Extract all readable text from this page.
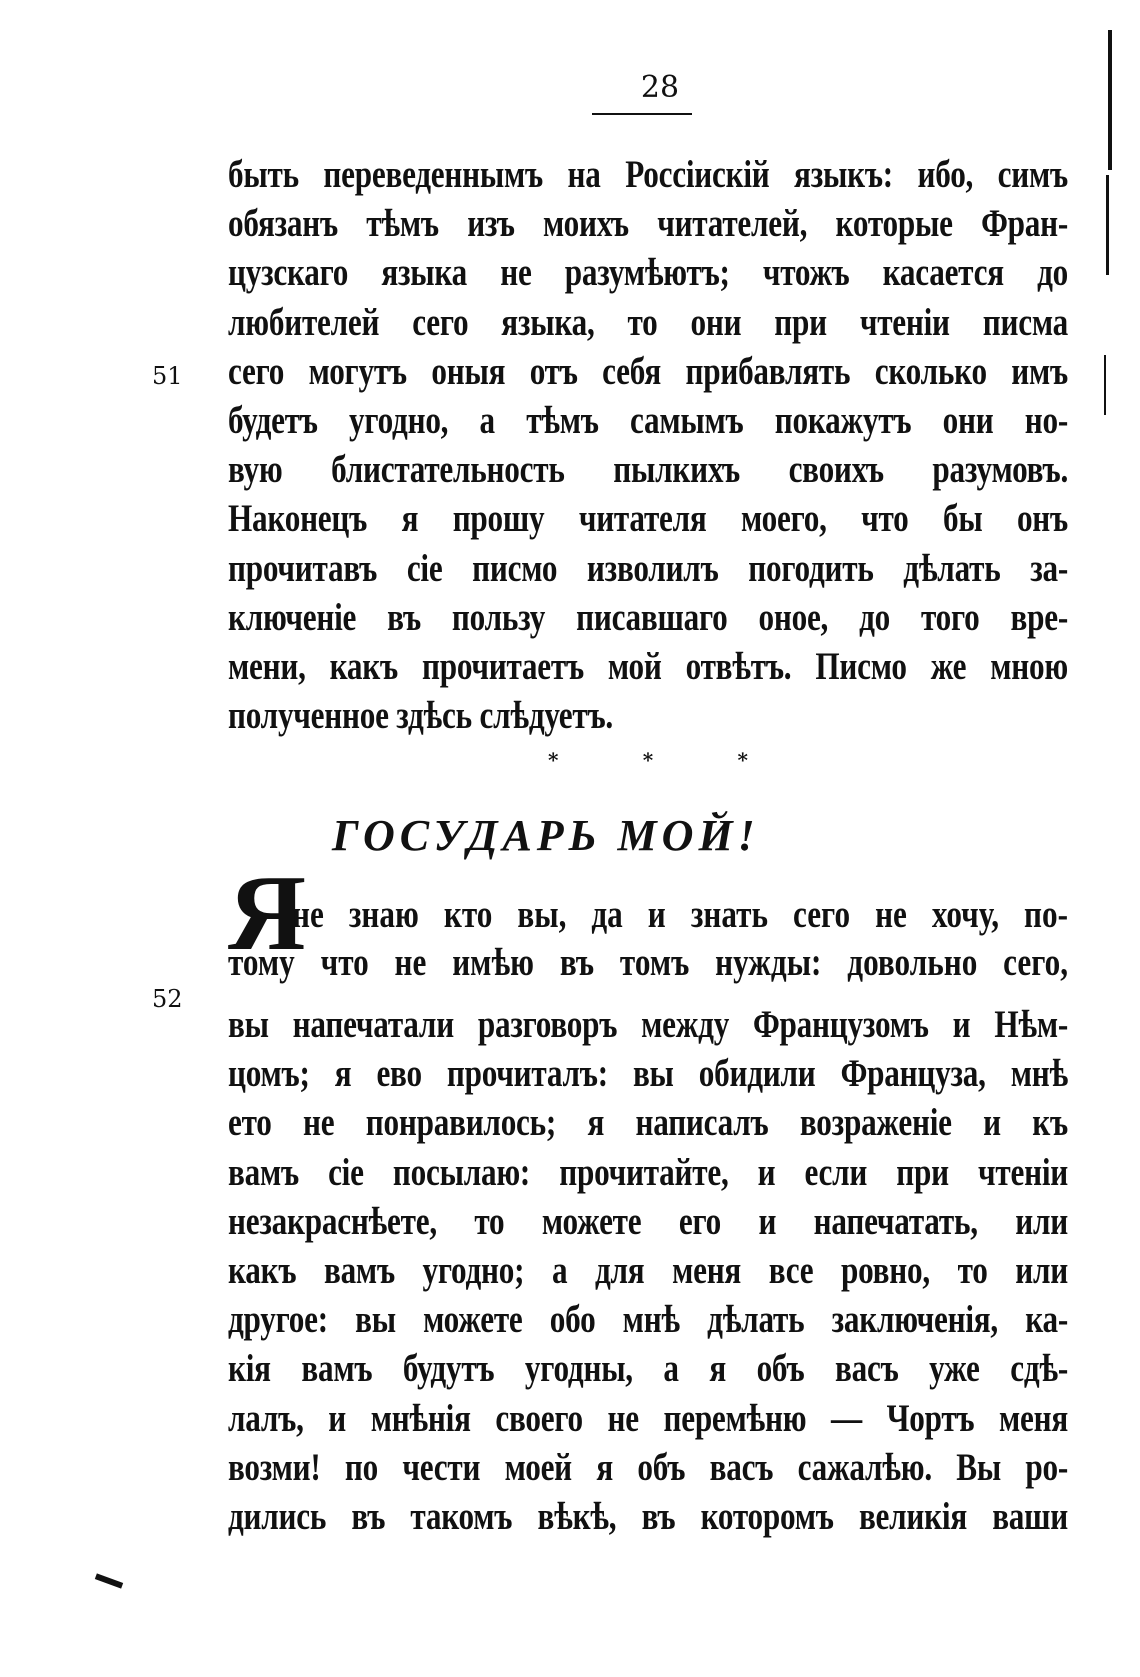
28
51
52
быть переведеннымъ на Россiискiй языкъ: ибо, симъ
обязанъ тѣмъ изъ моихъ читателей, которые Фран-
цузскаго языка не разумѣютъ; чтожъ касается до
любителей сего языка, то они при чтенiи писма
сего могутъ оныя отъ себя прибавлять сколько имъ
будетъ угодно, а тѣмъ самымъ покажутъ они но-
вую блистательность пылкихъ своихъ разумовъ.
Наконецъ я прошу читателя моего, что бы онъ
прочитавъ сiе писмо изволилъ погодить дѣлать за-
ключенiе въ пользу писавшаго оное, до того вре-
мени, какъ прочитаетъ мой отвѣтъ. Писмо же мною
полученное здѣсь слѣдуетъ.
*	*	*
ГОСУДАРЬ МОЙ!
Я
не знаю кто вы, да и знать сего не хочу, по-
тому что не имѣю въ томъ нужды: довольно сего,
вы напечатали разговоръ между Французомъ и Нѣм-
цомъ; я ево прочиталъ: вы обидили Француза, мнѣ
ето не понравилось; я написалъ возраженiе и къ
вамъ сiе посылаю: прочитайте, и если при чтенiи
незакраснѣете, то можете его и напечатать, или
какъ вамъ угодно; а для меня все ровно, то или
другое: вы можете обо мнѣ дѣлать заключенiя, ка-
кiя вамъ будутъ угодны, а я объ васъ уже сдѣ-
лалъ, и мнѣнiя своего не перемѣню — Чортъ меня
возми! по чести моей я объ васъ сажалѣю. Вы ро-
дились въ такомъ вѣкѣ, въ которомъ великiя ваши
